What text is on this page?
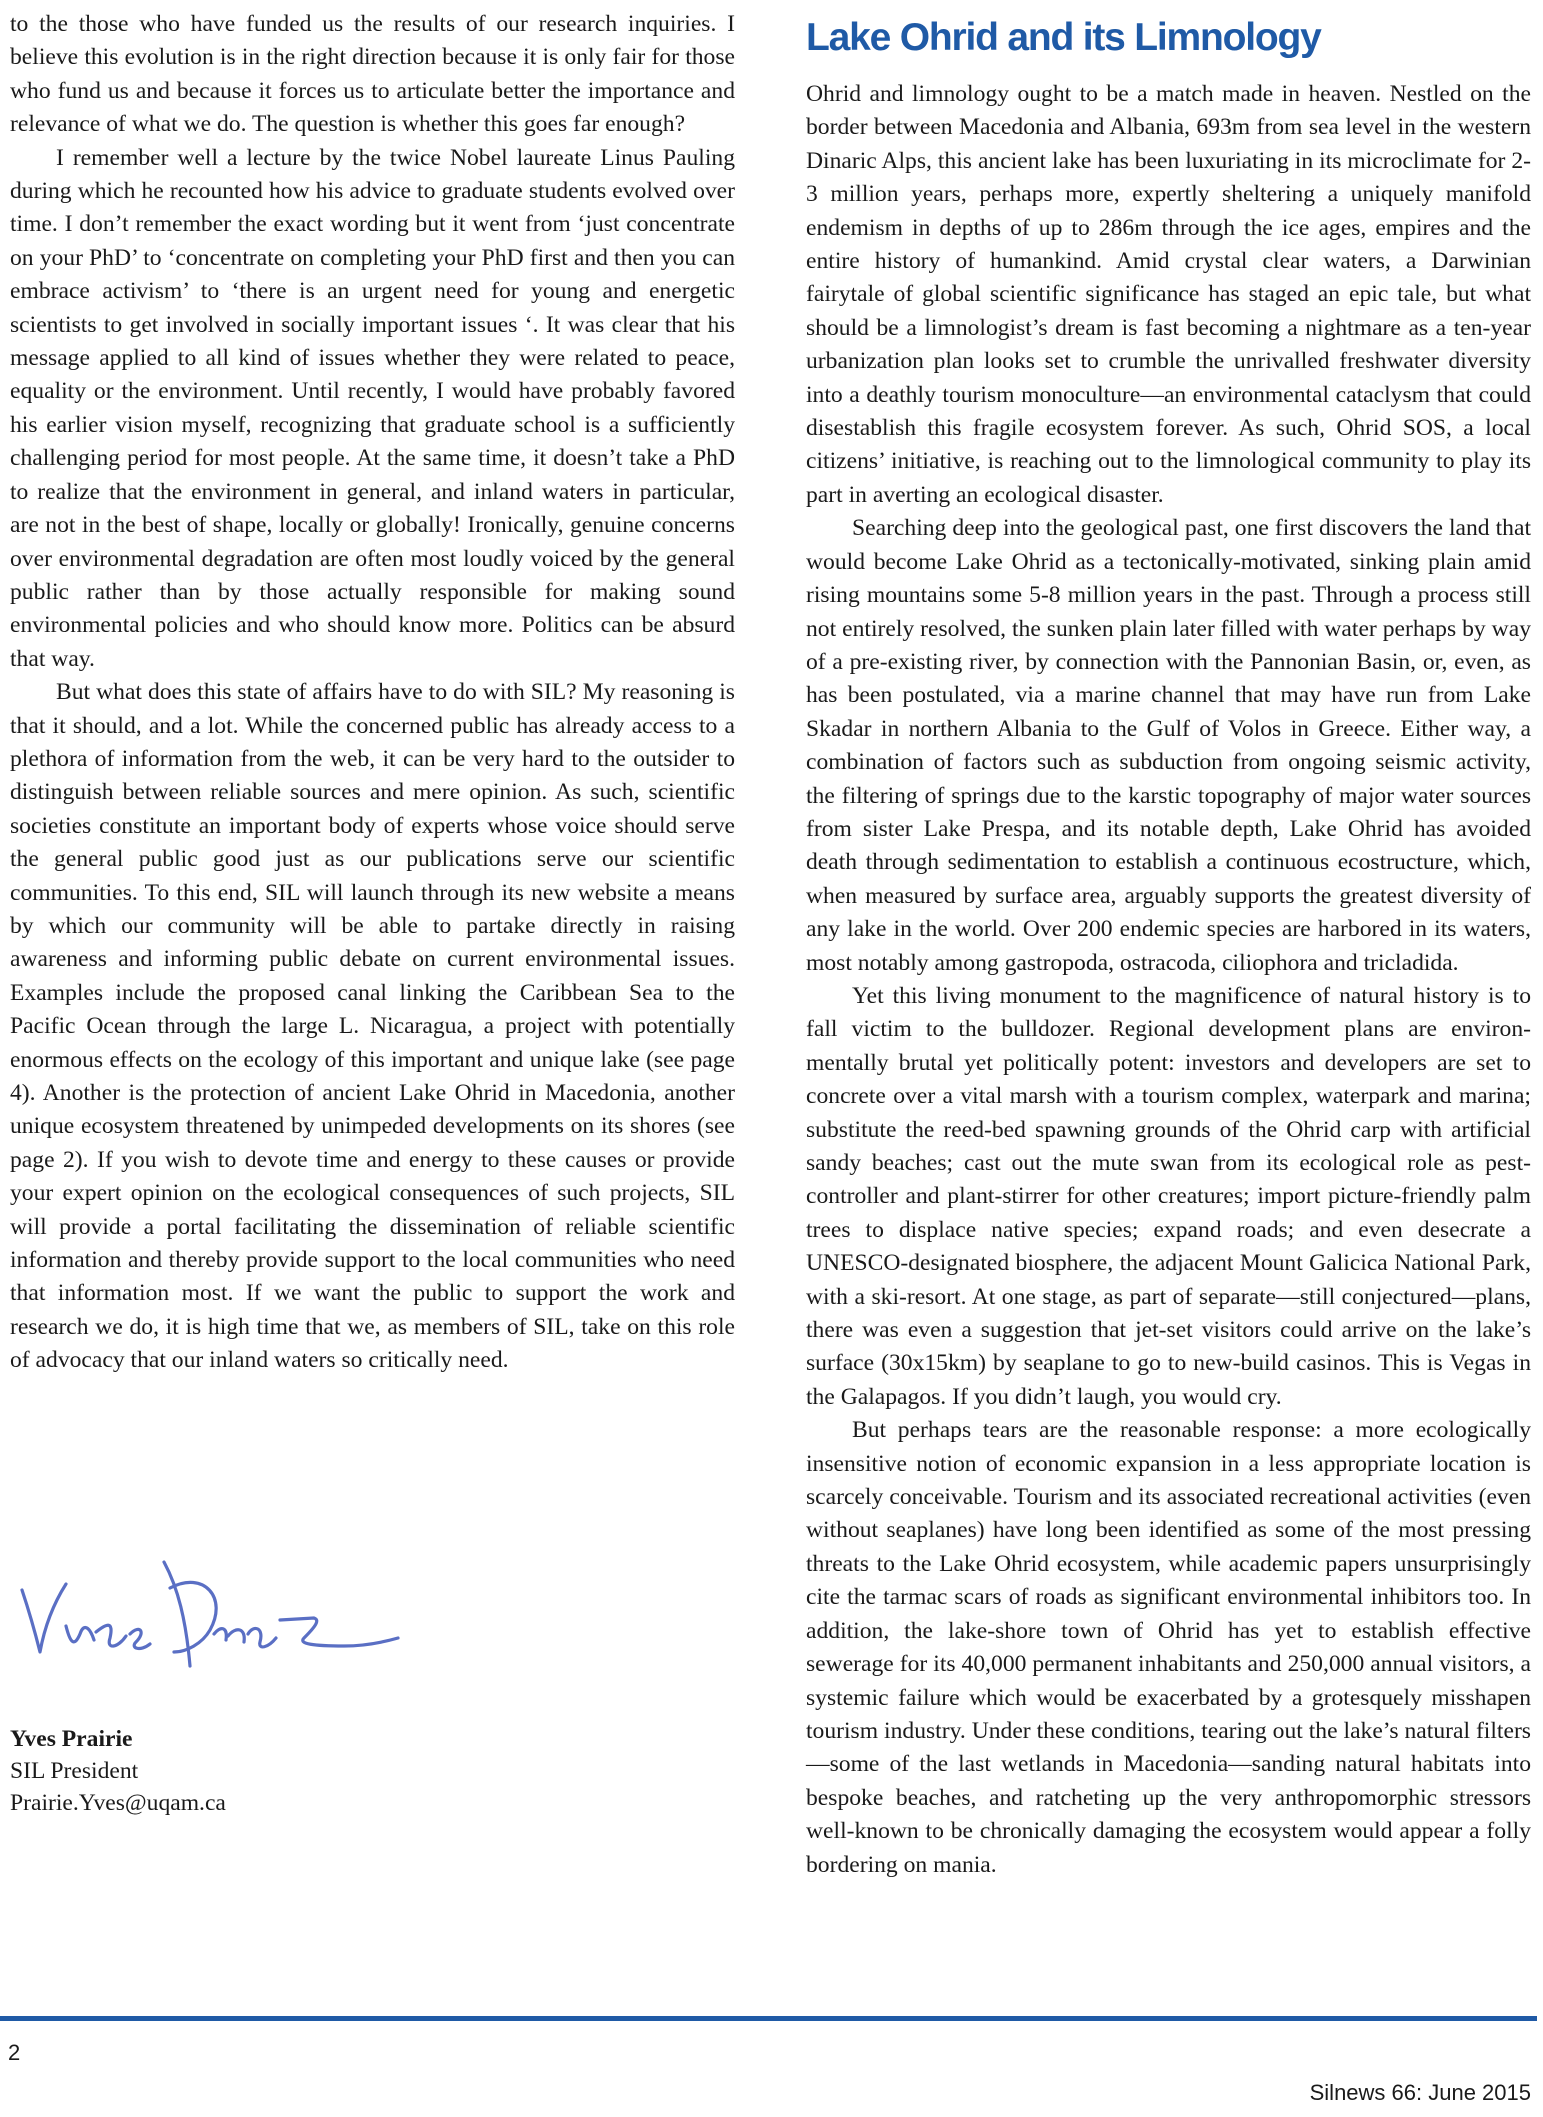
to the those who have funded us the results of our research inquiries. I believe this evolution is in the right direction because it is only fair for those who fund us and because it forces us to articulate better the importance and relevance of what we do. The question is whether this goes far enough?

I remember well a lecture by the twice Nobel laureate Linus Pauling during which he recounted how his advice to graduate students evolved over time. I don’t remember the exact wording but it went from ‘just concentrate on your PhD’ to ‘concentrate on completing your PhD first and then you can embrace activism’ to ‘there is an urgent need for young and energetic scientists to get involved in socially important issues ‘. It was clear that his message applied to all kind of issues whether they were related to peace, equality or the environment. Until recently, I would have probably favored his earlier vision myself, recognizing that graduate school is a sufficiently challenging period for most people. At the same time, it doesn’t take a PhD to realize that the environment in general, and inland waters in particular, are not in the best of shape, locally or globally! Ironically, genuine concerns over environmental degradation are often most loudly voiced by the general public rather than by those actually responsible for making sound environmental policies and who should know more. Politics can be absurd that way.

But what does this state of affairs have to do with SIL? My reasoning is that it should, and a lot. While the concerned public has already access to a plethora of information from the web, it can be very hard to the outsider to distinguish between reliable sources and mere opinion. As such, scientific societies constitute an important body of experts whose voice should serve the general public good just as our publications serve our scientific communities. To this end, SIL will launch through its new website a means by which our community will be able to partake directly in raising awareness and informing public debate on current environmental issues. Examples include the proposed canal linking the Caribbean Sea to the Pacific Ocean through the large L. Nicaragua, a project with potentially enormous effects on the ecology of this important and unique lake (see page 4). Another is the protection of ancient Lake Ohrid in Macedonia, another unique ecosystem threatened by unimpeded developments on its shores (see page 2). If you wish to devote time and energy to these causes or provide your expert opinion on the ecological consequences of such projects, SIL will provide a portal facilitating the dissemination of reliable scientific information and thereby provide support to the local communities who need that information most. If we want the public to support the work and research we do, it is high time that we, as members of SIL, take on this role of advocacy that our inland waters so critically need.

Yves Prairie
SIL President
Prairie.Yves@uqam.ca
Lake Ohrid and its Limnology

Ohrid and limnology ought to be a match made in heaven. Nestled on the border between Macedonia and Albania, 693m from sea level in the western Dinaric Alps, this ancient lake has been luxuriating in its microclimate for 2-3 million years, perhaps more, expertly sheltering a uniquely manifold endemism in depths of up to 286m through the ice ages, empires and the entire history of humankind. Amid crystal clear waters, a Darwinian fairytale of global scientific significance has staged an epic tale, but what should be a limnologist’s dream is fast becoming a nightmare as a ten-year urbanization plan looks set to crumble the unrivalled freshwater diversity into a deathly tourism monoculture—an environmental cataclysm that could disestablish this fragile ecosystem forever. As such, Ohrid SOS, a local citizens’ initiative, is reaching out to the limnological community to play its part in averting an ecological disaster.

Searching deep into the geological past, one first discovers the land that would become Lake Ohrid as a tectonically-motivated, sinking plain amid rising mountains some 5-8 million years in the past. Through a process still not entirely resolved, the sunken plain later filled with water perhaps by way of a pre-existing river, by connection with the Pannonian Basin, or, even, as has been postulated, via a marine channel that may have run from Lake Skadar in northern Albania to the Gulf of Volos in Greece. Either way, a combination of factors such as subduction from ongoing seismic activity, the filtering of springs due to the karstic topography of major water sources from sister Lake Prespa, and its notable depth, Lake Ohrid has avoided death through sedimentation to establish a continuous ecostructure, which, when measured by surface area, arguably supports the greatest diversity of any lake in the world. Over 200 endemic species are harbored in its waters, most notably among gastropoda, ostracoda, ciliophora and tricladida.

Yet this living monument to the magnificence of natural history is to fall victim to the bulldozer. Regional development plans are environmentally brutal yet politically potent: investors and developers are set to concrete over a vital marsh with a tourism complex, waterpark and marina; substitute the reed-bed spawning grounds of the Ohrid carp with artificial sandy beaches; cast out the mute swan from its ecological role as pest-controller and plant-stirrer for other creatures; import picture-friendly palm trees to displace native species; expand roads; and even desecrate a UNESCO-designated biosphere, the adjacent Mount Galicica National Park, with a ski-resort. At one stage, as part of separate—still conjectured—plans, there was even a suggestion that jet-set visitors could arrive on the lake’s surface (30x15km) by seaplane to go to new-build casinos. This is Vegas in the Galapagos. If you didn’t laugh, you would cry.

But perhaps tears are the reasonable response: a more ecologically insensitive notion of economic expansion in a less appropriate location is scarcely conceivable. Tourism and its associated recreational activities (even without seaplanes) have long been identified as some of the most pressing threats to the Lake Ohrid ecosystem, while academic papers unsurprisingly cite the tarmac scars of roads as significant environmental inhibitors too. In addition, the lake-shore town of Ohrid has yet to establish effective sewerage for its 40,000 permanent inhabitants and 250,000 annual visitors, a systemic failure which would be exacerbated by a grotesquely misshapen tourism industry. Under these conditions, tearing out the lake’s natural filters—some of the last wetlands in Macedonia—sanding natural habitats into bespoke beaches, and ratcheting up the very anthropomorphic stressors well-known to be chronically damaging the ecosystem would appear a folly bordering on mania.

2
Silnews 66: June 2015
